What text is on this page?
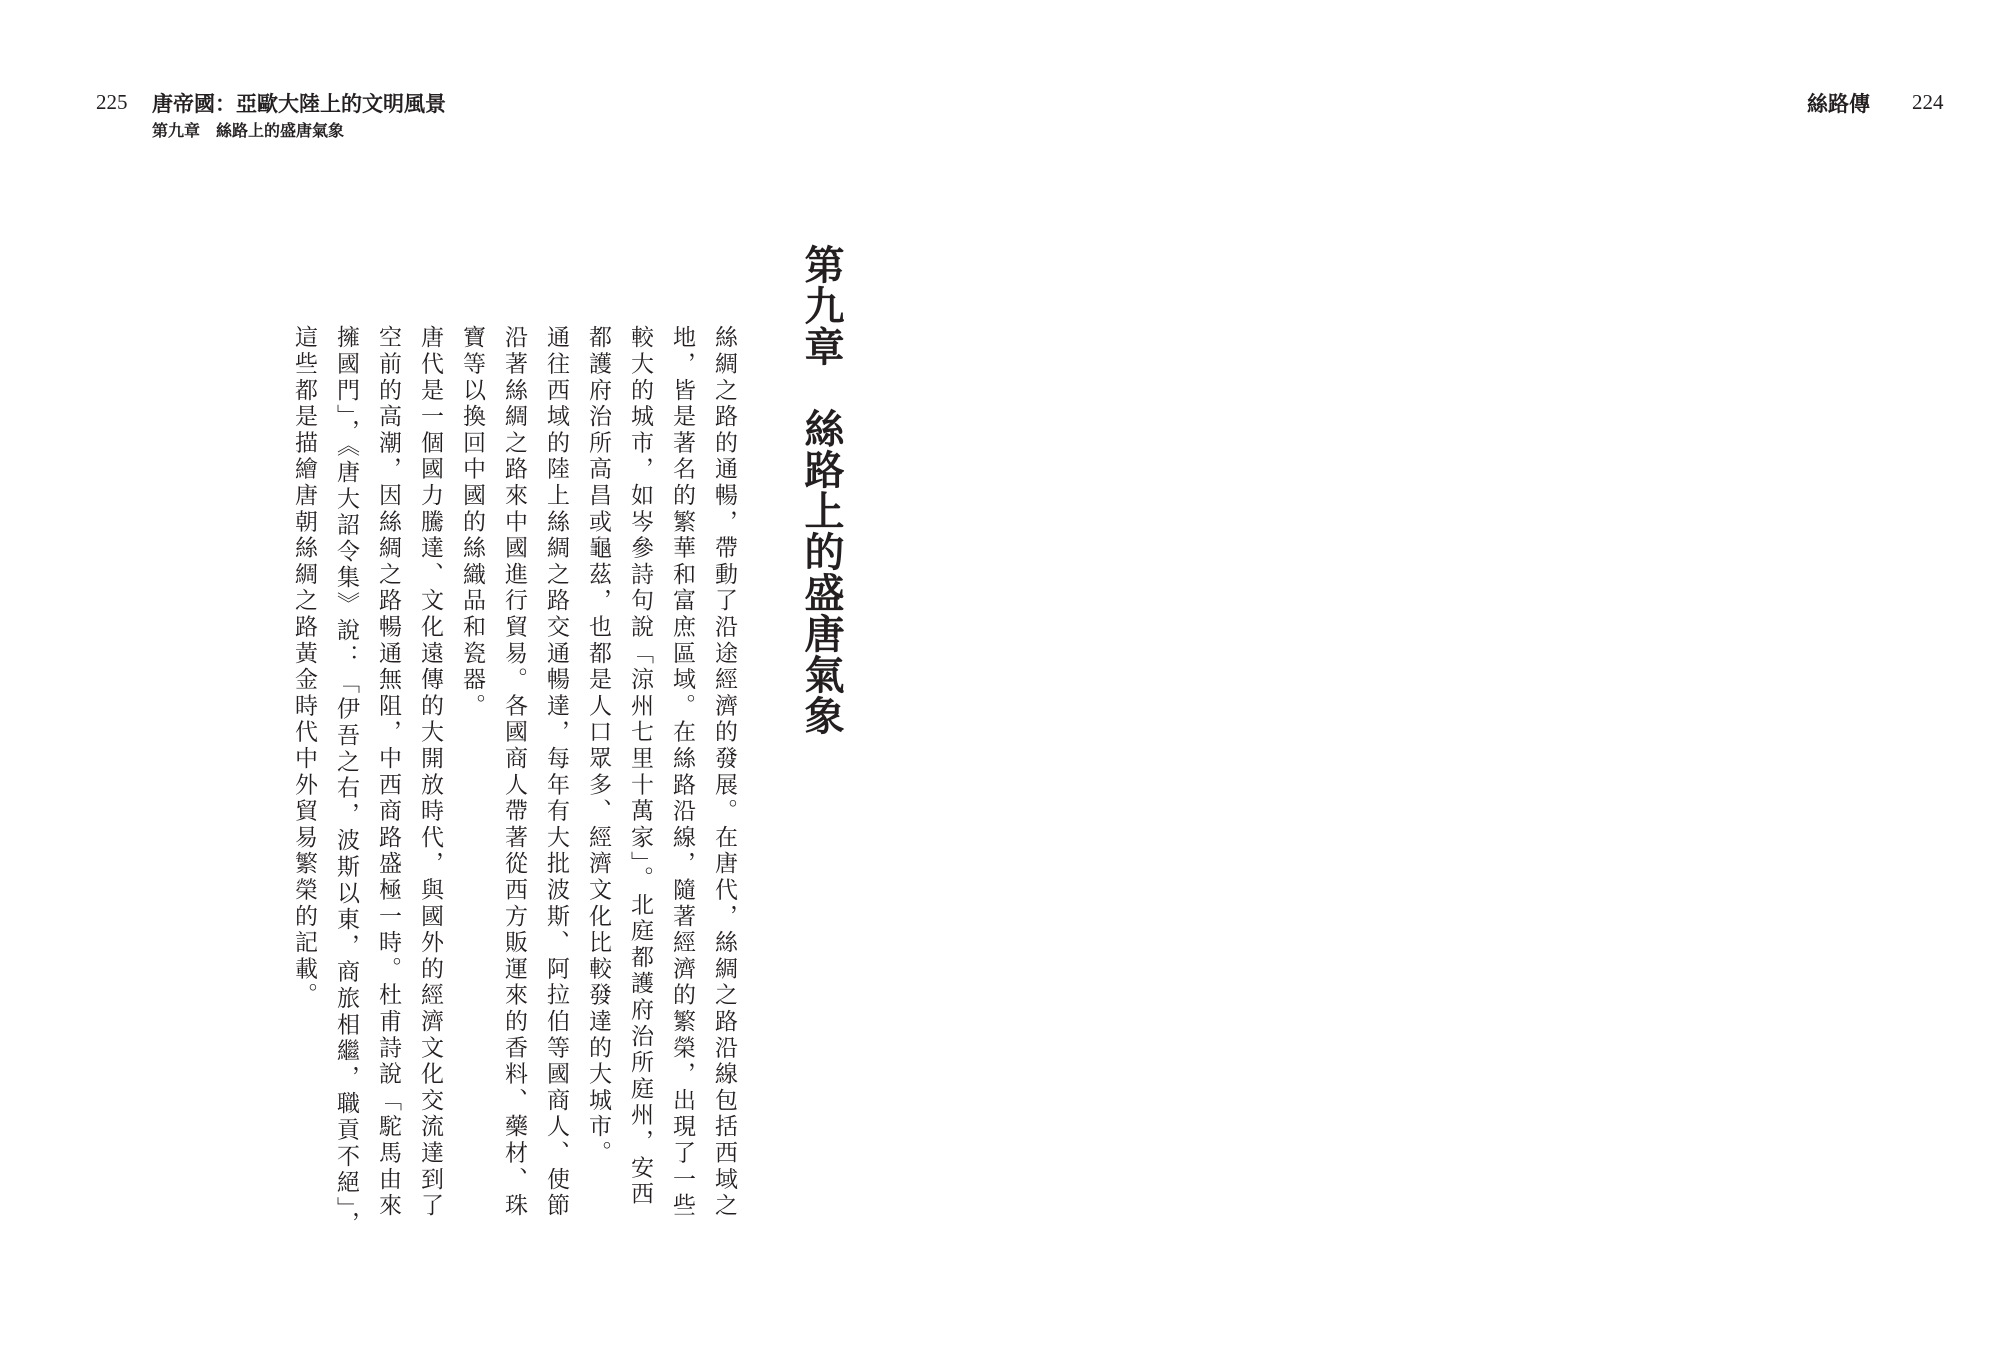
225 唐帝國：亞歐大陸上的文明風景
第九章　絲路上的盛唐氣象
絲路傳 224
第九章
絲路上的盛唐氣象
絲綢之路的通暢，帶動了沿途經濟的發展。在唐代，絲綢之路沿線包括西域之
地，皆是著名的繁華和富庶區域。在絲路沿線，隨著經濟的繁榮，出現了一些
較大的城市，如岑參詩句說「涼州七里十萬家」。北庭都護府治所庭州，安西
都護府治所高昌或龜茲，也都是人口眾多、經濟文化比較發達的大城市。
通往西域的陸上絲綢之路交通暢達，每年有大批波斯、阿拉伯等國商人、使節
沿著絲綢之路來中國進行貿易。各國商人帶著從西方販運來的香料、藥材、珠
寶等以換回中國的絲織品和瓷器。
唐代是一個國力騰達、文化遠傳的大開放時代，與國外的經濟文化交流達到了
空前的高潮，因絲綢之路暢通無阻，中西商路盛極一時。杜甫詩說「駝馬由來
擁國門」，《唐大詔令集》說：「伊吾之右，波斯以東，商旅相繼，職貢不絕」，
這些都是描繪唐朝絲綢之路黃金時代中外貿易繁榮的記載。
